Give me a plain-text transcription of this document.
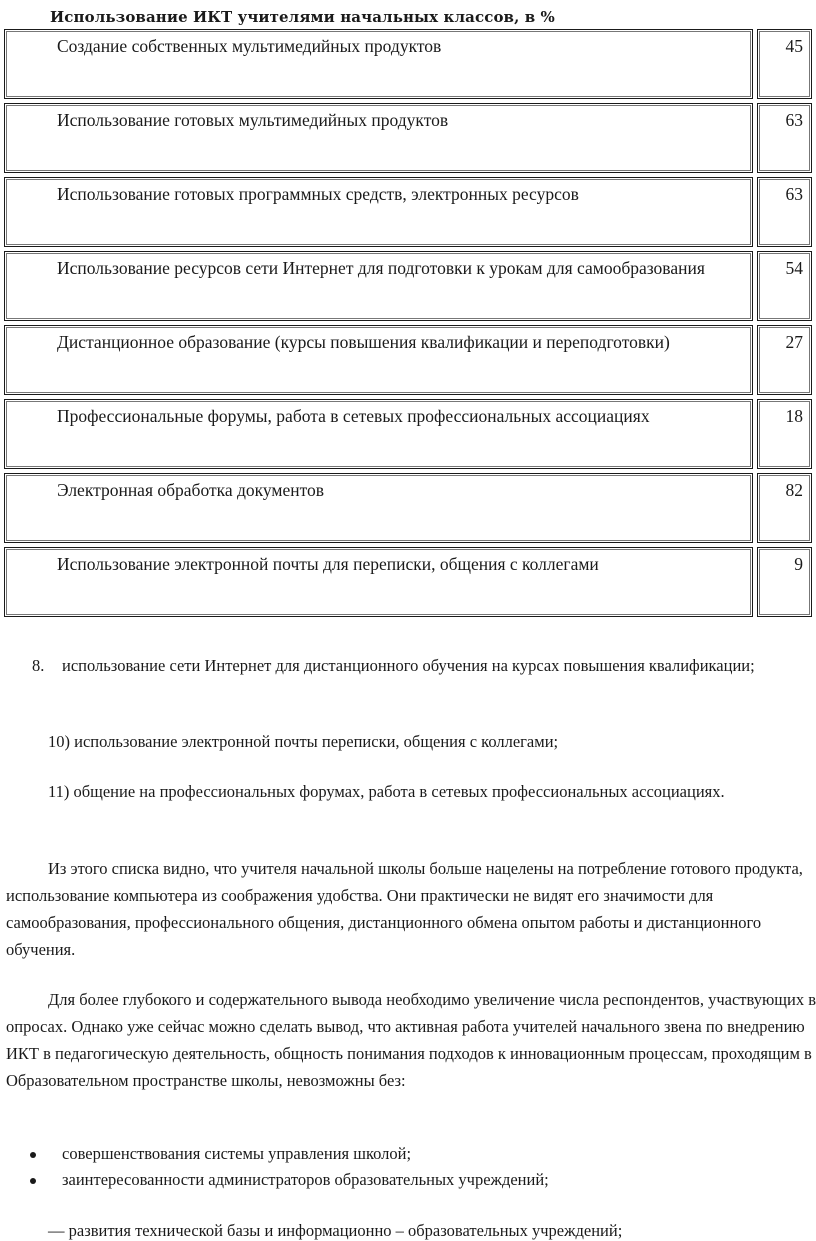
Использование ИКТ учителями начальных классов, в %
Создание собственных мультимедийных продуктов	45
Использование готовых мультимедийных продуктов	63
Использование готовых программных средств, электронных ресурсов	63
Использование ресурсов сети Интернет для подготовки к урокам для самообразования	54
Дистанционное образование (курсы повышения квалификации и переподготовки)	27
Профессиональные форумы, работа в сетевых профессиональных ассоциациях	18
Электронная обработка документов	82
Использование электронной почты для переписки, общения с коллегами	9
8. использование сети Интернет для дистанционного обучения на курсах повышения квалификации;
10) использование электронной почты переписки, общения с коллегами;
11) общение на профессиональных форумах, работа в сетевых профессиональных ассоциациях.
Из этого списка видно, что учителя начальной школы больше нацелены на потребление готового продукта, использование компьютера из соображения удобства. Они практически не видят его значимости для самообразования, профессионального общения, дистанционного обмена опытом работы и дистанционного обучения.
Для более глубокого и содержательного вывода необходимо увеличение числа респондентов, участвующих в опросах. Однако уже сейчас можно сделать вывод, что активная работа учителей начального звена по внедрению ИКТ в педагогическую деятельность, общность понимания подходов к инновационным процессам, проходящим в Образовательном пространстве школы, невозможны без:
совершенствования системы управления школой;
заинтересованности администраторов образовательных учреждений;
— развития технической базы и информационно – образовательных учреждений;
